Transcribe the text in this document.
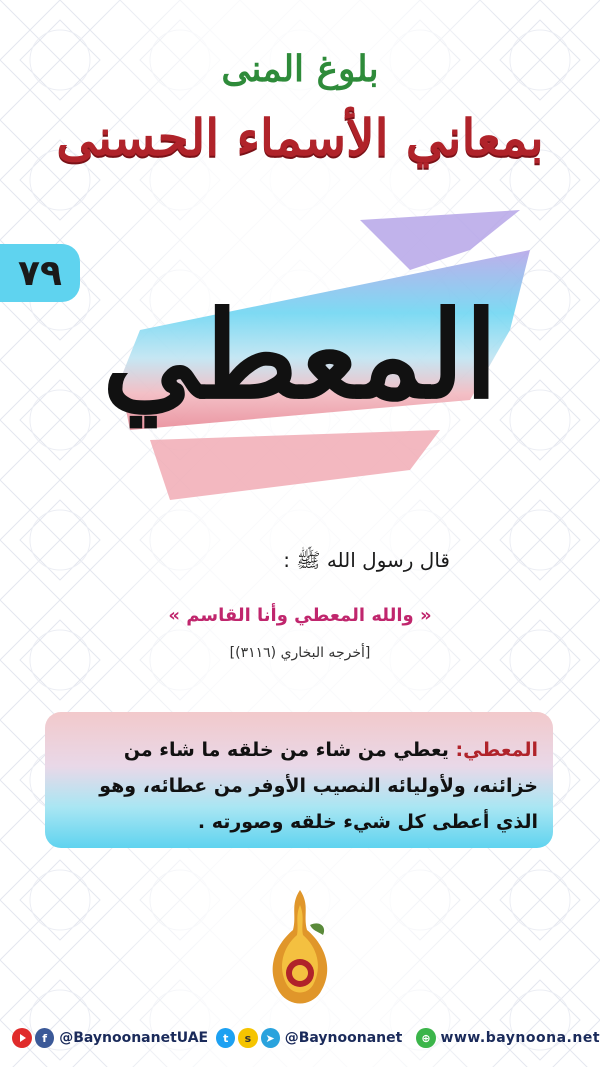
بلوغ المنى
بمعاني الأسماء الحسنى
٧٩
المعطي
قال رسول الله ﷺ :
« والله المعطي وأنا القاسم »
[أخرجه البخاري (٣١١٦)]
المعطي: يعطي من شاء من خلقه ما شاء من خزائنه، ولأوليائه النصيب الأوفر من عطائه، وهو الذي أعطى كل شيء خلقه وصورته .
f @BaynoonanetUAE	t	s	➤ @Baynoonanet	⊕ www.baynoona.net
